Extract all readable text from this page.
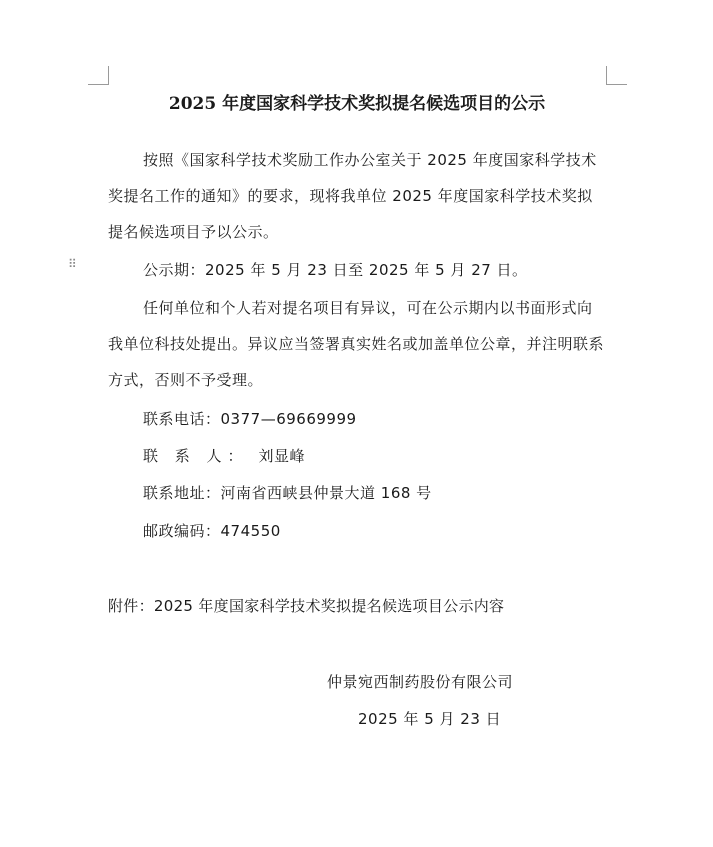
⠿
2025 年度国家科学技术奖拟提名候选项目的公示

按照《国家科学技术奖励工作办公室关于 2025 年度国家科学技术奖提名工作的通知》的要求，现将我单位 2025 年度国家科学技术奖拟提名候选项目予以公示。

公示期：2025 年 5 月 23 日至 2025 年 5 月 27 日。

任何单位和个人若对提名项目有异议，可在公示期内以书面形式向我单位科技处提出。异议应当签署真实姓名或加盖单位公章，并注明联系方式，否则不予受理。

联系电话：0377—69669999
联 系 人： 刘显峰
联系地址：河南省西峡县仲景大道 168 号
邮政编码：474550
附件：2025 年度国家科学技术奖拟提名候选项目公示内容
仲景宛西制药股份有限公司
2025 年 5 月 23 日
